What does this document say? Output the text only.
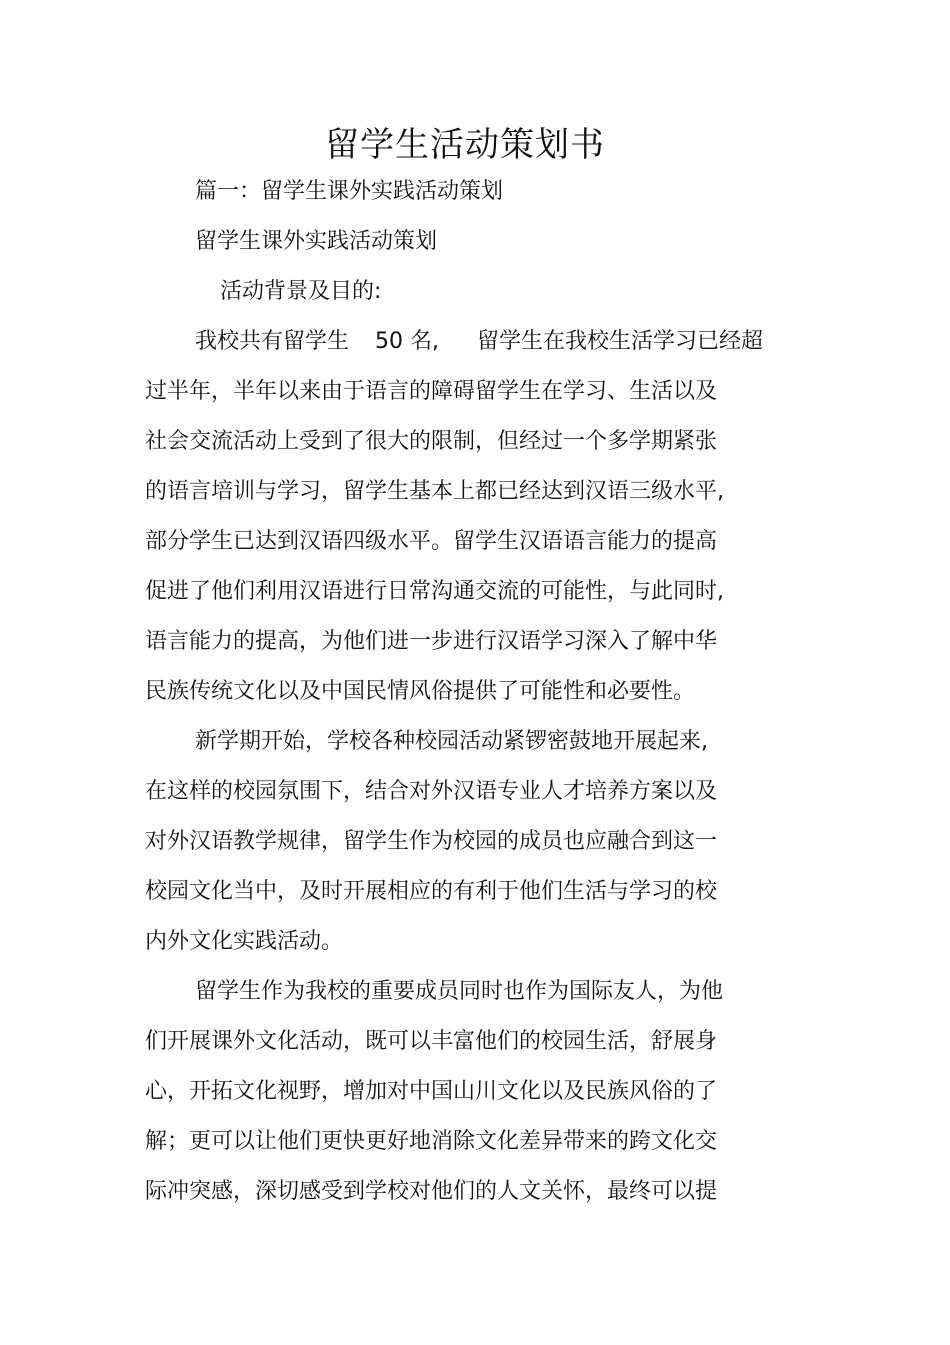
留学生活动策划书
篇一：留学生课外实践活动策划
留学生课外实践活动策划
活动背景及目的:
我校共有留学生 50 名, 留学生在我校生活学习已经超
过半年，半年以来由于语言的障碍留学生在学习、生活以及
社会交流活动上受到了很大的限制，但经过一个多学期紧张
的语言培训与学习，留学生基本上都已经达到汉语三级水平,
部分学生已达到汉语四级水平。留学生汉语语言能力的提高
促进了他们利用汉语进行日常沟通交流的可能性，与此同时,
语言能力的提高，为他们进一步进行汉语学习深入了解中华
民族传统文化以及中国民情风俗提供了可能性和必要性。
新学期开始，学校各种校园活动紧锣密鼓地开展起来,
在这样的校园氛围下，结合对外汉语专业人才培养方案以及
对外汉语教学规律，留学生作为校园的成员也应融合到这一
校园文化当中，及时开展相应的有利于他们生活与学习的校
内外文化实践活动。
留学生作为我校的重要成员同时也作为国际友人，为他
们开展课外文化活动，既可以丰富他们的校园生活，舒展身
心，开拓文化视野，增加对中国山川文化以及民族风俗的了
解；更可以让他们更快更好地消除文化差异带来的跨文化交
际冲突感，深切感受到学校对他们的人文关怀，最终可以提
